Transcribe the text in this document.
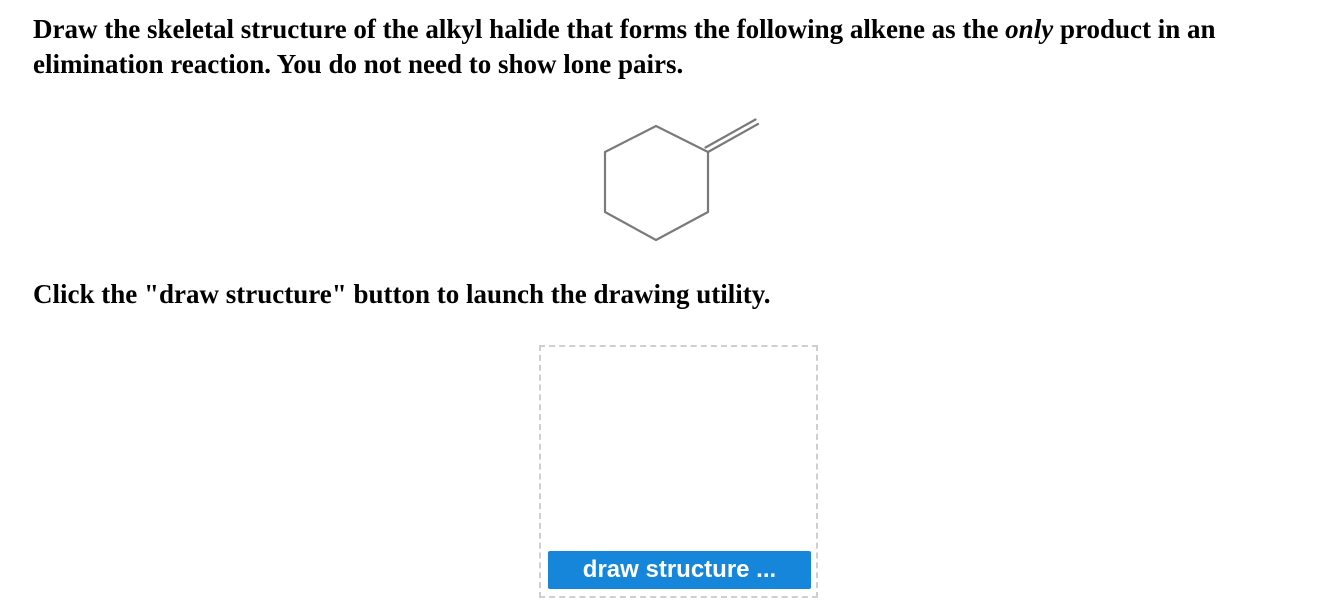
Draw the skeletal structure of the alkyl halide that forms the following alkene as the only product in an elimination reaction. You do not need to show lone pairs.

Click the "draw structure" button to launch the drawing utility.

draw structure ...
